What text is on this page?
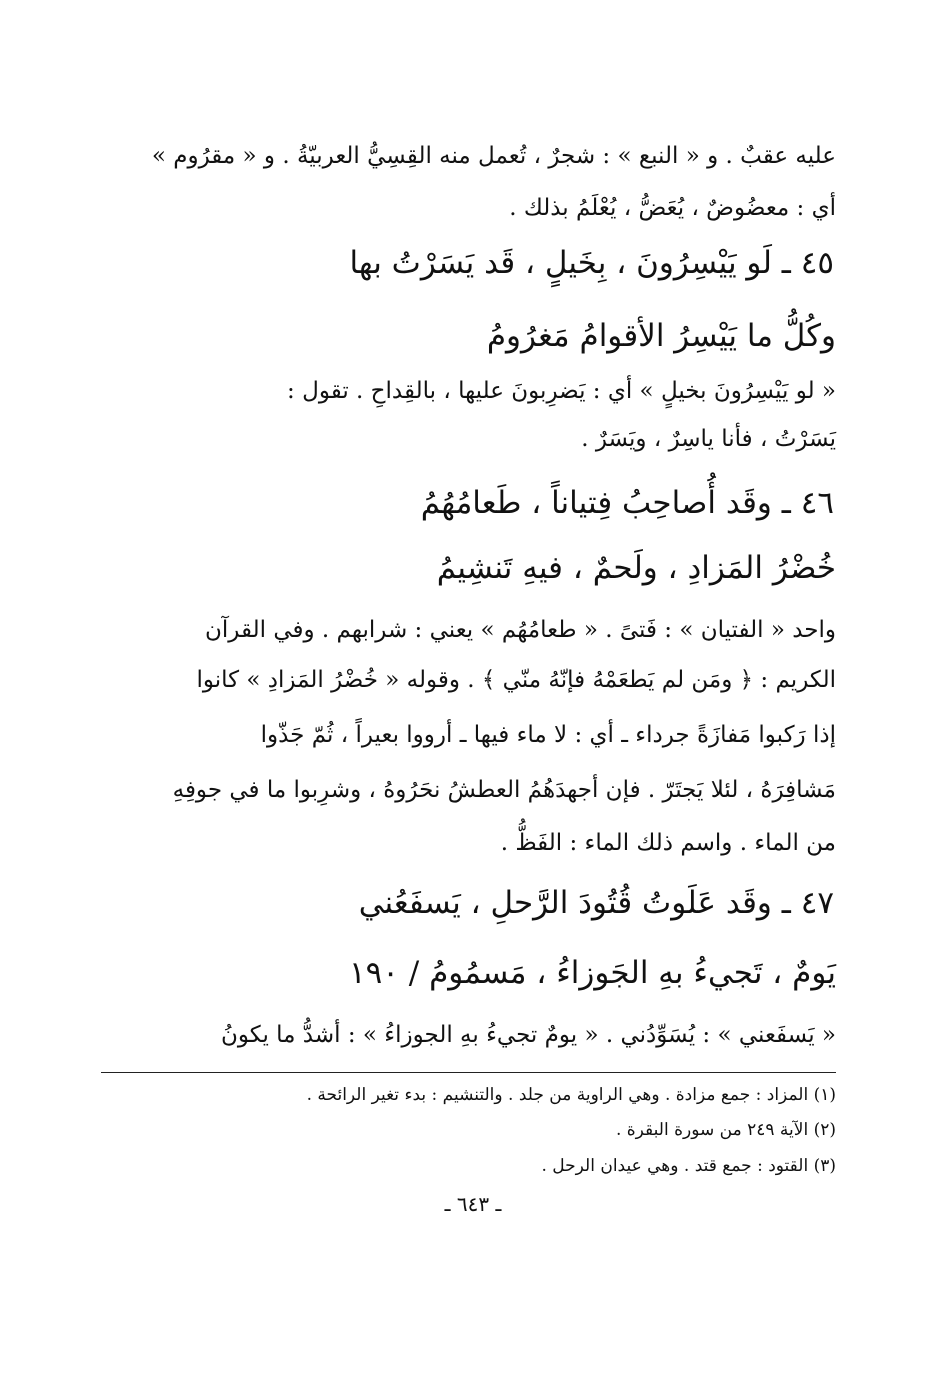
عليه عقبٌ . و « النبع » : شجرٌ ، تُعمل منه القِسِيُّ العربيّةُ . و « مقرُوم »
أي : معضُوضٌ ، يُعَضُّ ، يُعْلَمُ بذلك .
٤٥ ـ لَو يَيْسِرُونَ ، بِخَيلٍ ، قَد يَسَرْتُ بها
وكُلُّ ما يَيْسِرُ الأقوامُ مَغرُومُ
« لو يَيْسِرُونَ بخيلٍ » أي : يَضرِبونَ عليها ، بالقِداحِ . تقول :
يَسَرْتُ ، فأنا ياسِرٌ ، ويَسَرٌ .
٤٦ ـ وقَد أُصاحِبُ فِتياناً ، طَعامُهُمُ
خُضْرُ المَزادِ ، ولَحمٌ ، فيهِ تَنشِيمُ
واحد « الفتيان » : فَتىً . « طعامُهُم » يعني : شرابهم . وفي القرآن
الكريم : ﴿ ومَن لم يَطعَمْهُ فإنّهُ منّي ﴾ . وقوله « خُضْرُ المَزادِ » كانوا
إذا رَكبوا مَفازَةً جرداء ـ أي : لا ماء فيها ـ أرووا بعيراً ، ثُمّ جَذّوا
مَشافِرَهُ ، لئلا يَجتَرّ . فإن أجهدَهُمُ العطشُ نحَرُوهُ ، وشرِبوا ما في جوفِهِ
من الماء . واسم ذلك الماء : الفَظُّ .
٤٧ ـ وقَد عَلَوتُ قُتُودَ الرَّحلِ ، يَسفَعُني
يَومٌ ، تَجيءُ بهِ الجَوزاءُ ، مَسمُومُ / ١٩٠
« يَسفَعني » : يُسَوِّدُني . « يومٌ تجيءُ بهِ الجوزاءُ » : أشدُّ ما يكونُ
(١) المزاد : جمع مزادة . وهي الراوية من جلد . والتنشيم : بدء تغير الرائحة .
(٢) الآية ٢٤٩ من سورة البقرة .
(٣) القتود : جمع قتد . وهي عيدان الرحل .
ـ ٦٤٣ ـ
